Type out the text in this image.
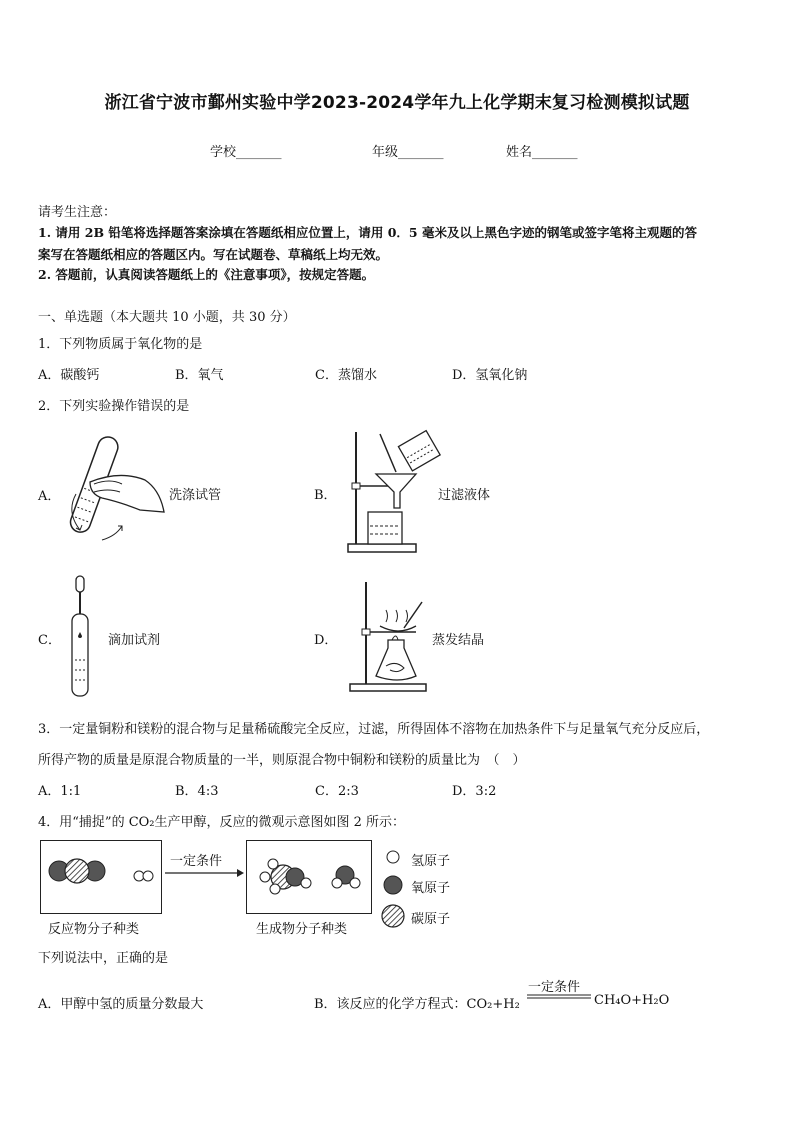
浙江省宁波市鄞州实验中学2023-2024学年九上化学期末复习检测模拟试题
学校_______	年级_______	姓名_______
请考生注意：
1. 请用 2B 铅笔将选择题答案涂填在答题纸相应位置上，请用 0．5 毫米及以上黑色字迹的钢笔或签字笔将主观题的答
案写在答题纸相应的答题区内。写在试题卷、草稿纸上均无效。
2. 答题前，认真阅读答题纸上的《注意事项》，按规定答题。
一、单选题（本大题共 10 小题，共 30 分）
1．下列物质属于氧化物的是
A．碳酸钙	B．氧气	C．蒸馏水	D．氢氧化钠
2．下列实验操作错误的是
A．	洗涤试管	B．	过滤液体
C．	滴加试剂	D．	蒸发结晶
3．一定量铜粉和镁粉的混合物与足量稀硫酸完全反应，过滤，所得固体不溶物在加热条件下与足量氧气充分反应后，
所得产物的质量是原混合物质量的一半，则原混合物中铜粉和镁粉的质量比为　（　）
A．1:1	B．4:3	C．2:3	D．3:2
4．用“捕捉”的 CO₂生产甲醇，反应的微观示意图如图 2 所示：
反应物分子种类
一定条件
生成物分子种类
氢原子
氧原子
碳原子
下列说法中，正确的是
A．甲醇中氢的质量分数最大	B．该反应的化学方程式：CO₂+H₂
一定条件
CH₄O+H₂O
